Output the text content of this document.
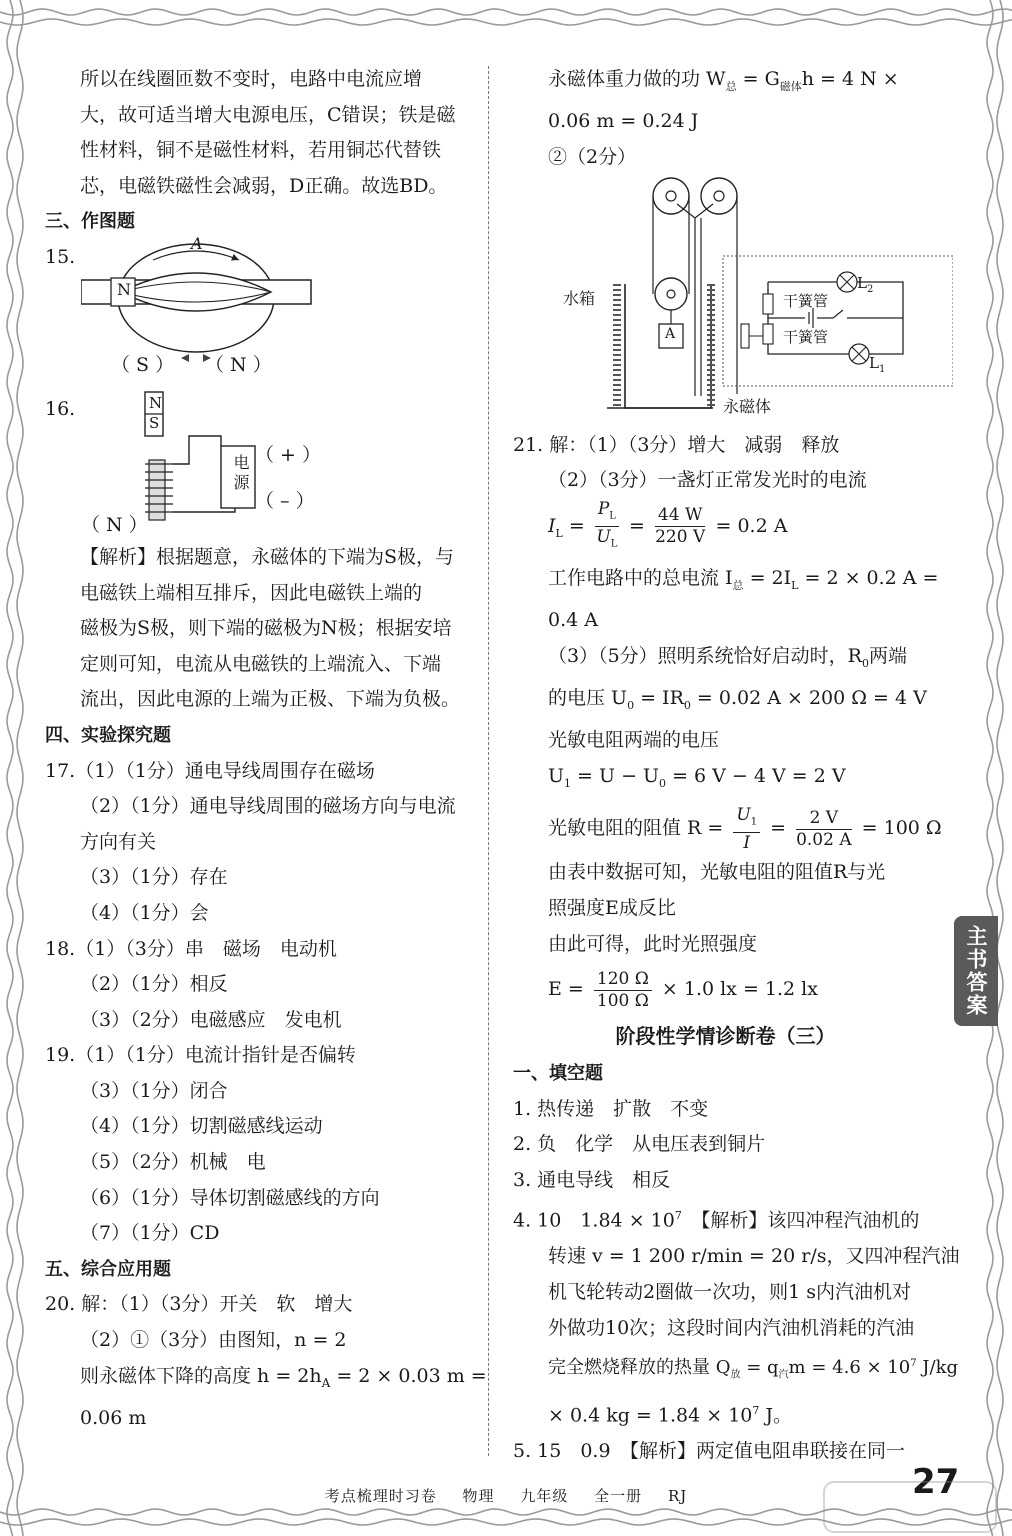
所以在线圈匝数不变时，电路中电流应增
大，故可适当增大电源电压，C错误；铁是磁
性材料，铜不是磁性材料，若用铜芯代替铁
芯，电磁铁磁性会减弱，D正确。故选BD。
三、作图题
15.
A
N
（ S ） （ N ）
16.	N
S
电源 （ + ）
（ – ）
（ N ）
【解析】根据题意，永磁体的下端为S极，与
电磁铁上端相互排斥，因此电磁铁上端的
磁极为S极，则下端的磁极为N极；根据安培
定则可知，电流从电磁铁的上端流入、下端
流出，因此电源的上端为正极、下端为负极。
四、实验探究题
17.（1）（1分）通电导线周围存在磁场
（2）（1分）通电导线周围的磁场方向与电流
方向有关
（3）（1分）存在
（4）（1分）会
18.（1）（3分）串　磁场　电动机
（2）（1分）相反
（3）（2分）电磁感应　发电机
19.（1）（1分）电流计指针是否偏转
（3）（1分）闭合
（4）（1分）切割磁感线运动
（5）（2分）机械　电
（6）（1分）导体切割磁感线的方向
（7）（1分）CD
五、综合应用题
20. 解：（1）（3分）开关　软　增大
（2）①（3分）由图知，n = 2
则永磁体下降的高度 $h = 2h_A = 2 \times 0.03$ m =
0.06 m
永磁体重力做的功 $W_总 = G_{磁体}h = 4$ N ×
0.06 m = 0.24 J
②（2分）
水箱
A
干簧管
干簧管
$L_2$
$L_1$
永磁体
21. 解：（1）（3分）增大　减弱　释放
（2）（3分）一盏灯正常发光时的电流
$I_L = \frac{P_L}{U_L} = \frac{44 W}{220 V} = 0.2$ A
工作电路中的总电流 $I_总 = 2I_L = 2 \times 0.2$ A =
0.4 A
（3）（5分）照明系统恰好启动时，$R_0$两端
的电压 $U_0 = IR_0 = 0.02$ A × 200 Ω = 4 V
光敏电阻两端的电压
$U_1 = U - U_0 = 6$ V − 4 V = 2 V
光敏电阻的阻值 $R = \frac{U_1}{I} = \frac{2 V}{0.02 A} = 100$ Ω
由表中数据可知，光敏电阻的阻值R与光
照强度E成反比
由此可得，此时光照强度
$E = \frac{120 \Omega}{100 \Omega} \times 1.0$ lx = 1.2 lx
阶段性学情诊断卷（三）
一、填空题
1. 热传递　扩散　不变
2. 负　化学　从电压表到铜片
3. 通电导线　相反
4. 10　$1.84 \times 10^7$　【解析】该四冲程汽油机的
转速 v = 1 200 r/min = 20 r/s，又四冲程汽油
机飞轮转动2圈做一次功，则1 s内汽油机对
外做功10次；这段时间内汽油机消耗的汽油
完全燃烧释放的热量 $Q_放 = q_汽m = 4.6 \times 10^7$ J/kg
× 0.4 kg = $1.84 \times 10^7$ J。
5. 15　0.9　【解析】两定值电阻串联接在同一
主书答案
考点梳理时习卷 物理 九年级 全一册 RJ	27
